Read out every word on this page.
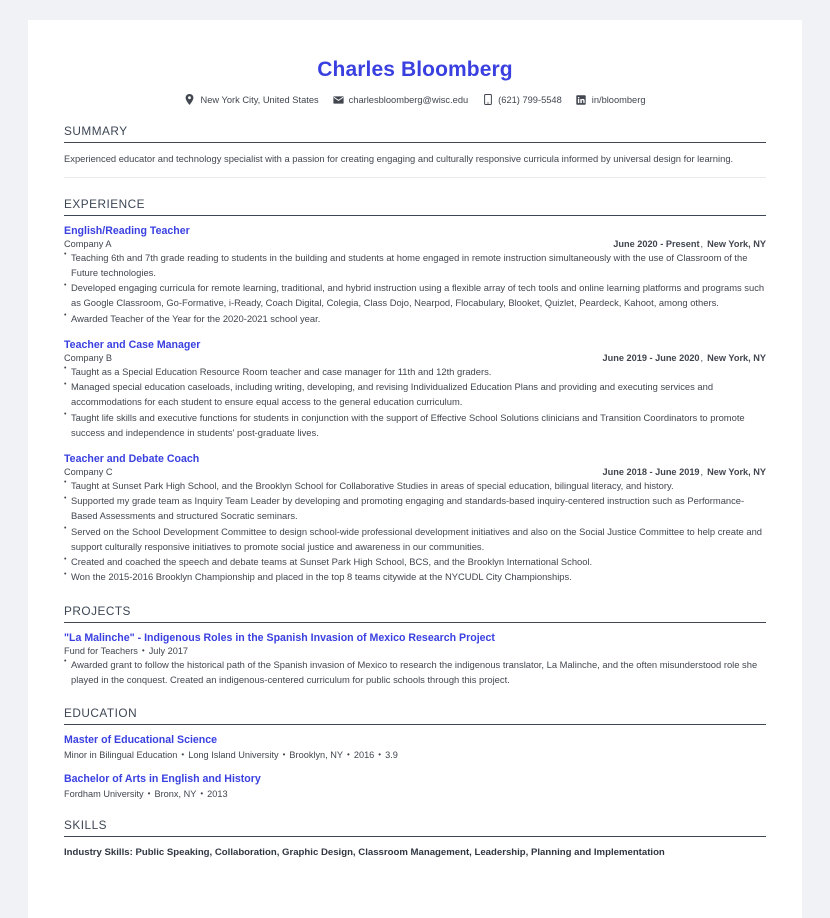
Charles Bloomberg
New York City, United States	charlesbloomberg@wisc.edu	(621) 799-5548	in/bloomberg
SUMMARY
Experienced educator and technology specialist with a passion for creating engaging and culturally responsive curricula informed by universal design for learning.
EXPERIENCE
English/Reading Teacher
Company A	June 2020 - Present, New York, NY
• Teaching 6th and 7th grade reading to students in the building and students at home engaged in remote instruction simultaneously with the use of Classroom of the Future technologies.
• Developed engaging curricula for remote learning, traditional, and hybrid instruction using a flexible array of tech tools and online learning platforms and programs such as Google Classroom, Go-Formative, i-Ready, Coach Digital, Colegia, Class Dojo, Nearpod, Flocabulary, Blooket, Quizlet, Peardeck, Kahoot, among others.
• Awarded Teacher of the Year for the 2020-2021 school year.
Teacher and Case Manager
Company B	June 2019 - June 2020, New York, NY
• Taught as a Special Education Resource Room teacher and case manager for 11th and 12th graders.
• Managed special education caseloads, including writing, developing, and revising Individualized Education Plans and providing and executing services and accommodations for each student to ensure equal access to the general education curriculum.
• Taught life skills and executive functions for students in conjunction with the support of Effective School Solutions clinicians and Transition Coordinators to promote success and independence in students' post-graduate lives.
Teacher and Debate Coach
Company C	June 2018 - June 2019, New York, NY
• Taught at Sunset Park High School, and the Brooklyn School for Collaborative Studies in areas of special education, bilingual literacy, and history.
• Supported my grade team as Inquiry Team Leader by developing and promoting engaging and standards-based inquiry-centered instruction such as Performance-Based Assessments and structured Socratic seminars.
• Served on the School Development Committee to design school-wide professional development initiatives and also on the Social Justice Committee to help create and support culturally responsive initiatives to promote social justice and awareness in our communities.
• Created and coached the speech and debate teams at Sunset Park High School, BCS, and the Brooklyn International School.
• Won the 2015-2016 Brooklyn Championship and placed in the top 8 teams citywide at the NYCUDL City Championships.
PROJECTS
"La Malinche" - Indigenous Roles in the Spanish Invasion of Mexico Research Project
Fund for Teachers • July 2017
• Awarded grant to follow the historical path of the Spanish invasion of Mexico to research the indigenous translator, La Malinche, and the often misunderstood role she played in the conquest. Created an indigenous-centered curriculum for public schools through this project.
EDUCATION
Master of Educational Science
Minor in Bilingual Education • Long Island University • Brooklyn, NY • 2016 • 3.9
Bachelor of Arts in English and History
Fordham University • Bronx, NY • 2013
SKILLS
Industry Skills: Public Speaking, Collaboration, Graphic Design, Classroom Management, Leadership, Planning and Implementation
